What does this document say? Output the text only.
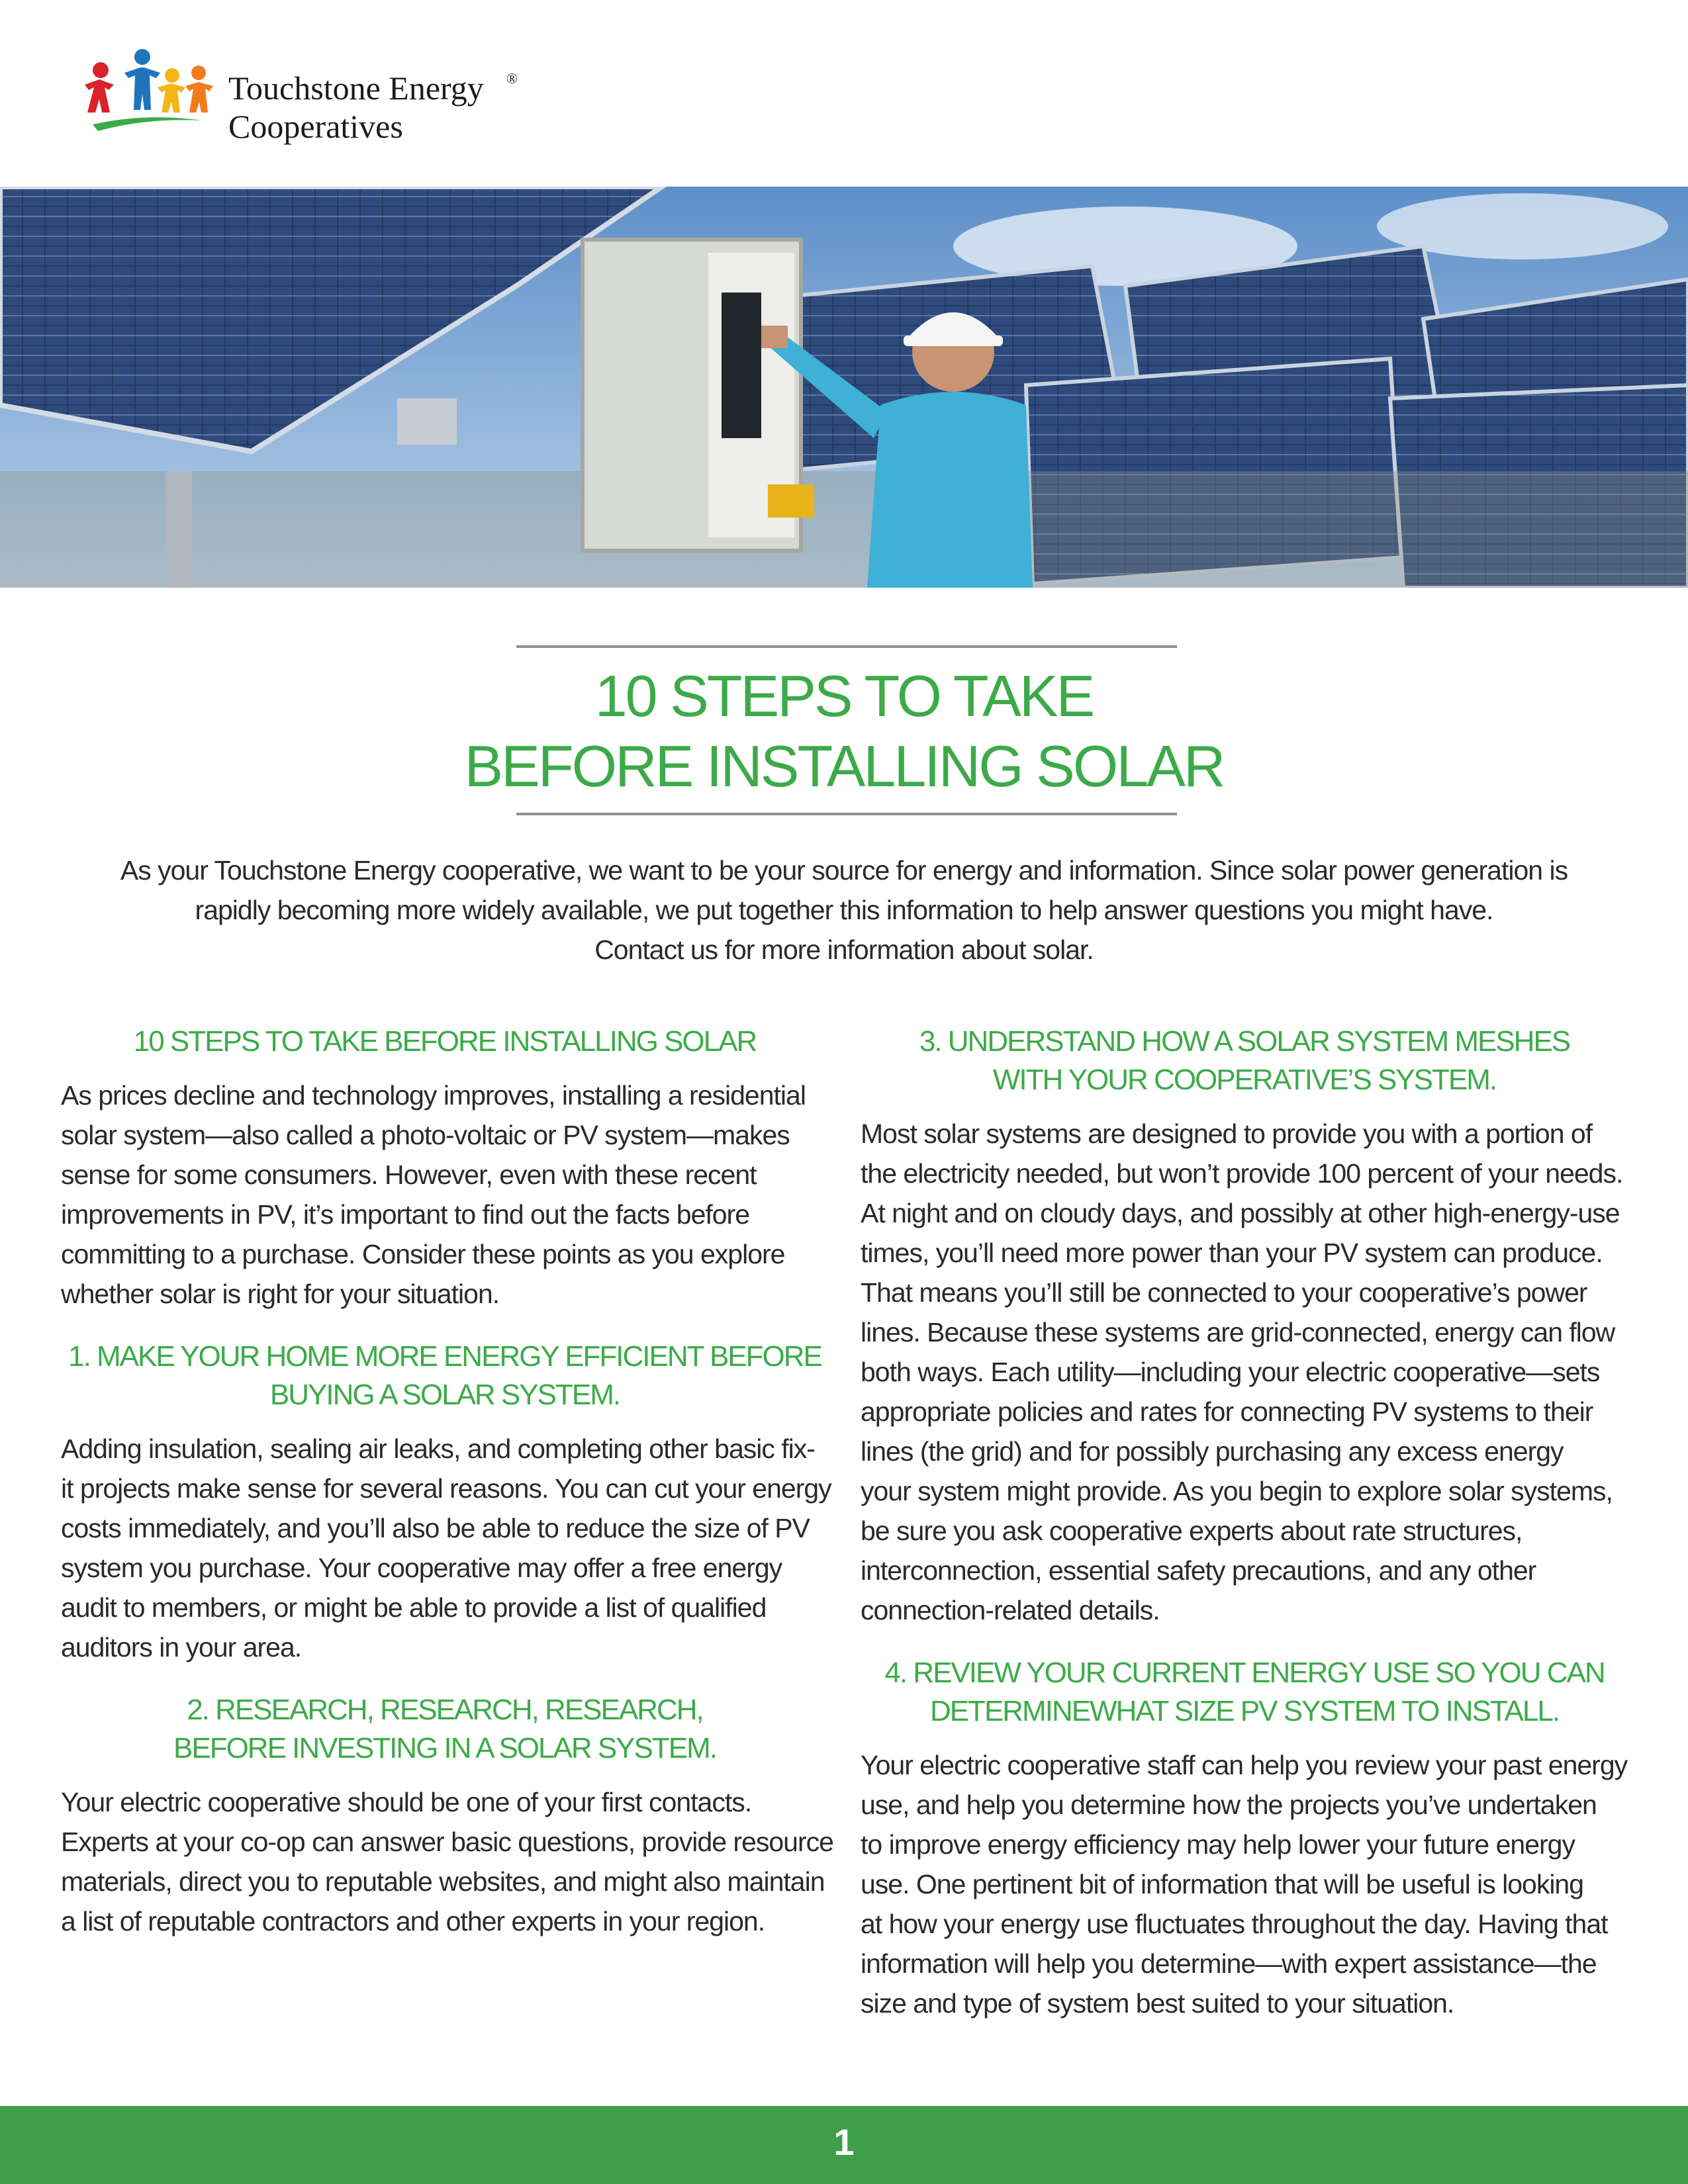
Touchstone Energy ®
Cooperatives
10 STEPS TO TAKE
BEFORE INSTALLING SOLAR
As your Touchstone Energy cooperative, we want to be your source for energy and information. Since solar power generation is
rapidly becoming more widely available, we put together this information to help answer questions you might have.
Contact us for more information about solar.
10 STEPS TO TAKE BEFORE INSTALLING SOLAR
As prices decline and technology improves, installing a residential
solar system—also called a photo-voltaic or PV system—makes
sense for some consumers. However, even with these recent
improvements in PV, it’s important to find out the facts before
committing to a purchase. Consider these points as you explore
whether solar is right for your situation.
1. MAKE YOUR HOME MORE ENERGY EFFICIENT BEFORE
BUYING A SOLAR SYSTEM.
Adding insulation, sealing air leaks, and completing other basic fix-
it projects make sense for several reasons. You can cut your energy
costs immediately, and you’ll also be able to reduce the size of PV
system you purchase. Your cooperative may offer a free energy
audit to members, or might be able to provide a list of qualified
auditors in your area.
2. RESEARCH, RESEARCH, RESEARCH,
BEFORE INVESTING IN A SOLAR SYSTEM.
Your electric cooperative should be one of your first contacts.
Experts at your co-op can answer basic questions, provide resource
materials, direct you to reputable websites, and might also maintain
a list of reputable contractors and other experts in your region.
3. UNDERSTAND HOW A SOLAR SYSTEM MESHES
WITH YOUR COOPERATIVE’S SYSTEM.
Most solar systems are designed to provide you with a portion of
the electricity needed, but won’t provide 100 percent of your needs.
At night and on cloudy days, and possibly at other high-energy-use
times, you’ll need more power than your PV system can produce.
That means you’ll still be connected to your cooperative’s power
lines. Because these systems are grid-connected, energy can flow
both ways. Each utility—including your electric cooperative—sets
appropriate policies and rates for connecting PV systems to their
lines (the grid) and for possibly purchasing any excess energy
your system might provide. As you begin to explore solar systems,
be sure you ask cooperative experts about rate structures,
interconnection, essential safety precautions, and any other
connection-related details.
4. REVIEW YOUR CURRENT ENERGY USE SO YOU CAN
DETERMINEWHAT SIZE PV SYSTEM TO INSTALL.
Your electric cooperative staff can help you review your past energy
use, and help you determine how the projects you’ve undertaken
to improve energy efficiency may help lower your future energy
use. One pertinent bit of information that will be useful is looking
at how your energy use fluctuates throughout the day. Having that
information will help you determine—with expert assistance—the
size and type of system best suited to your situation.
1
